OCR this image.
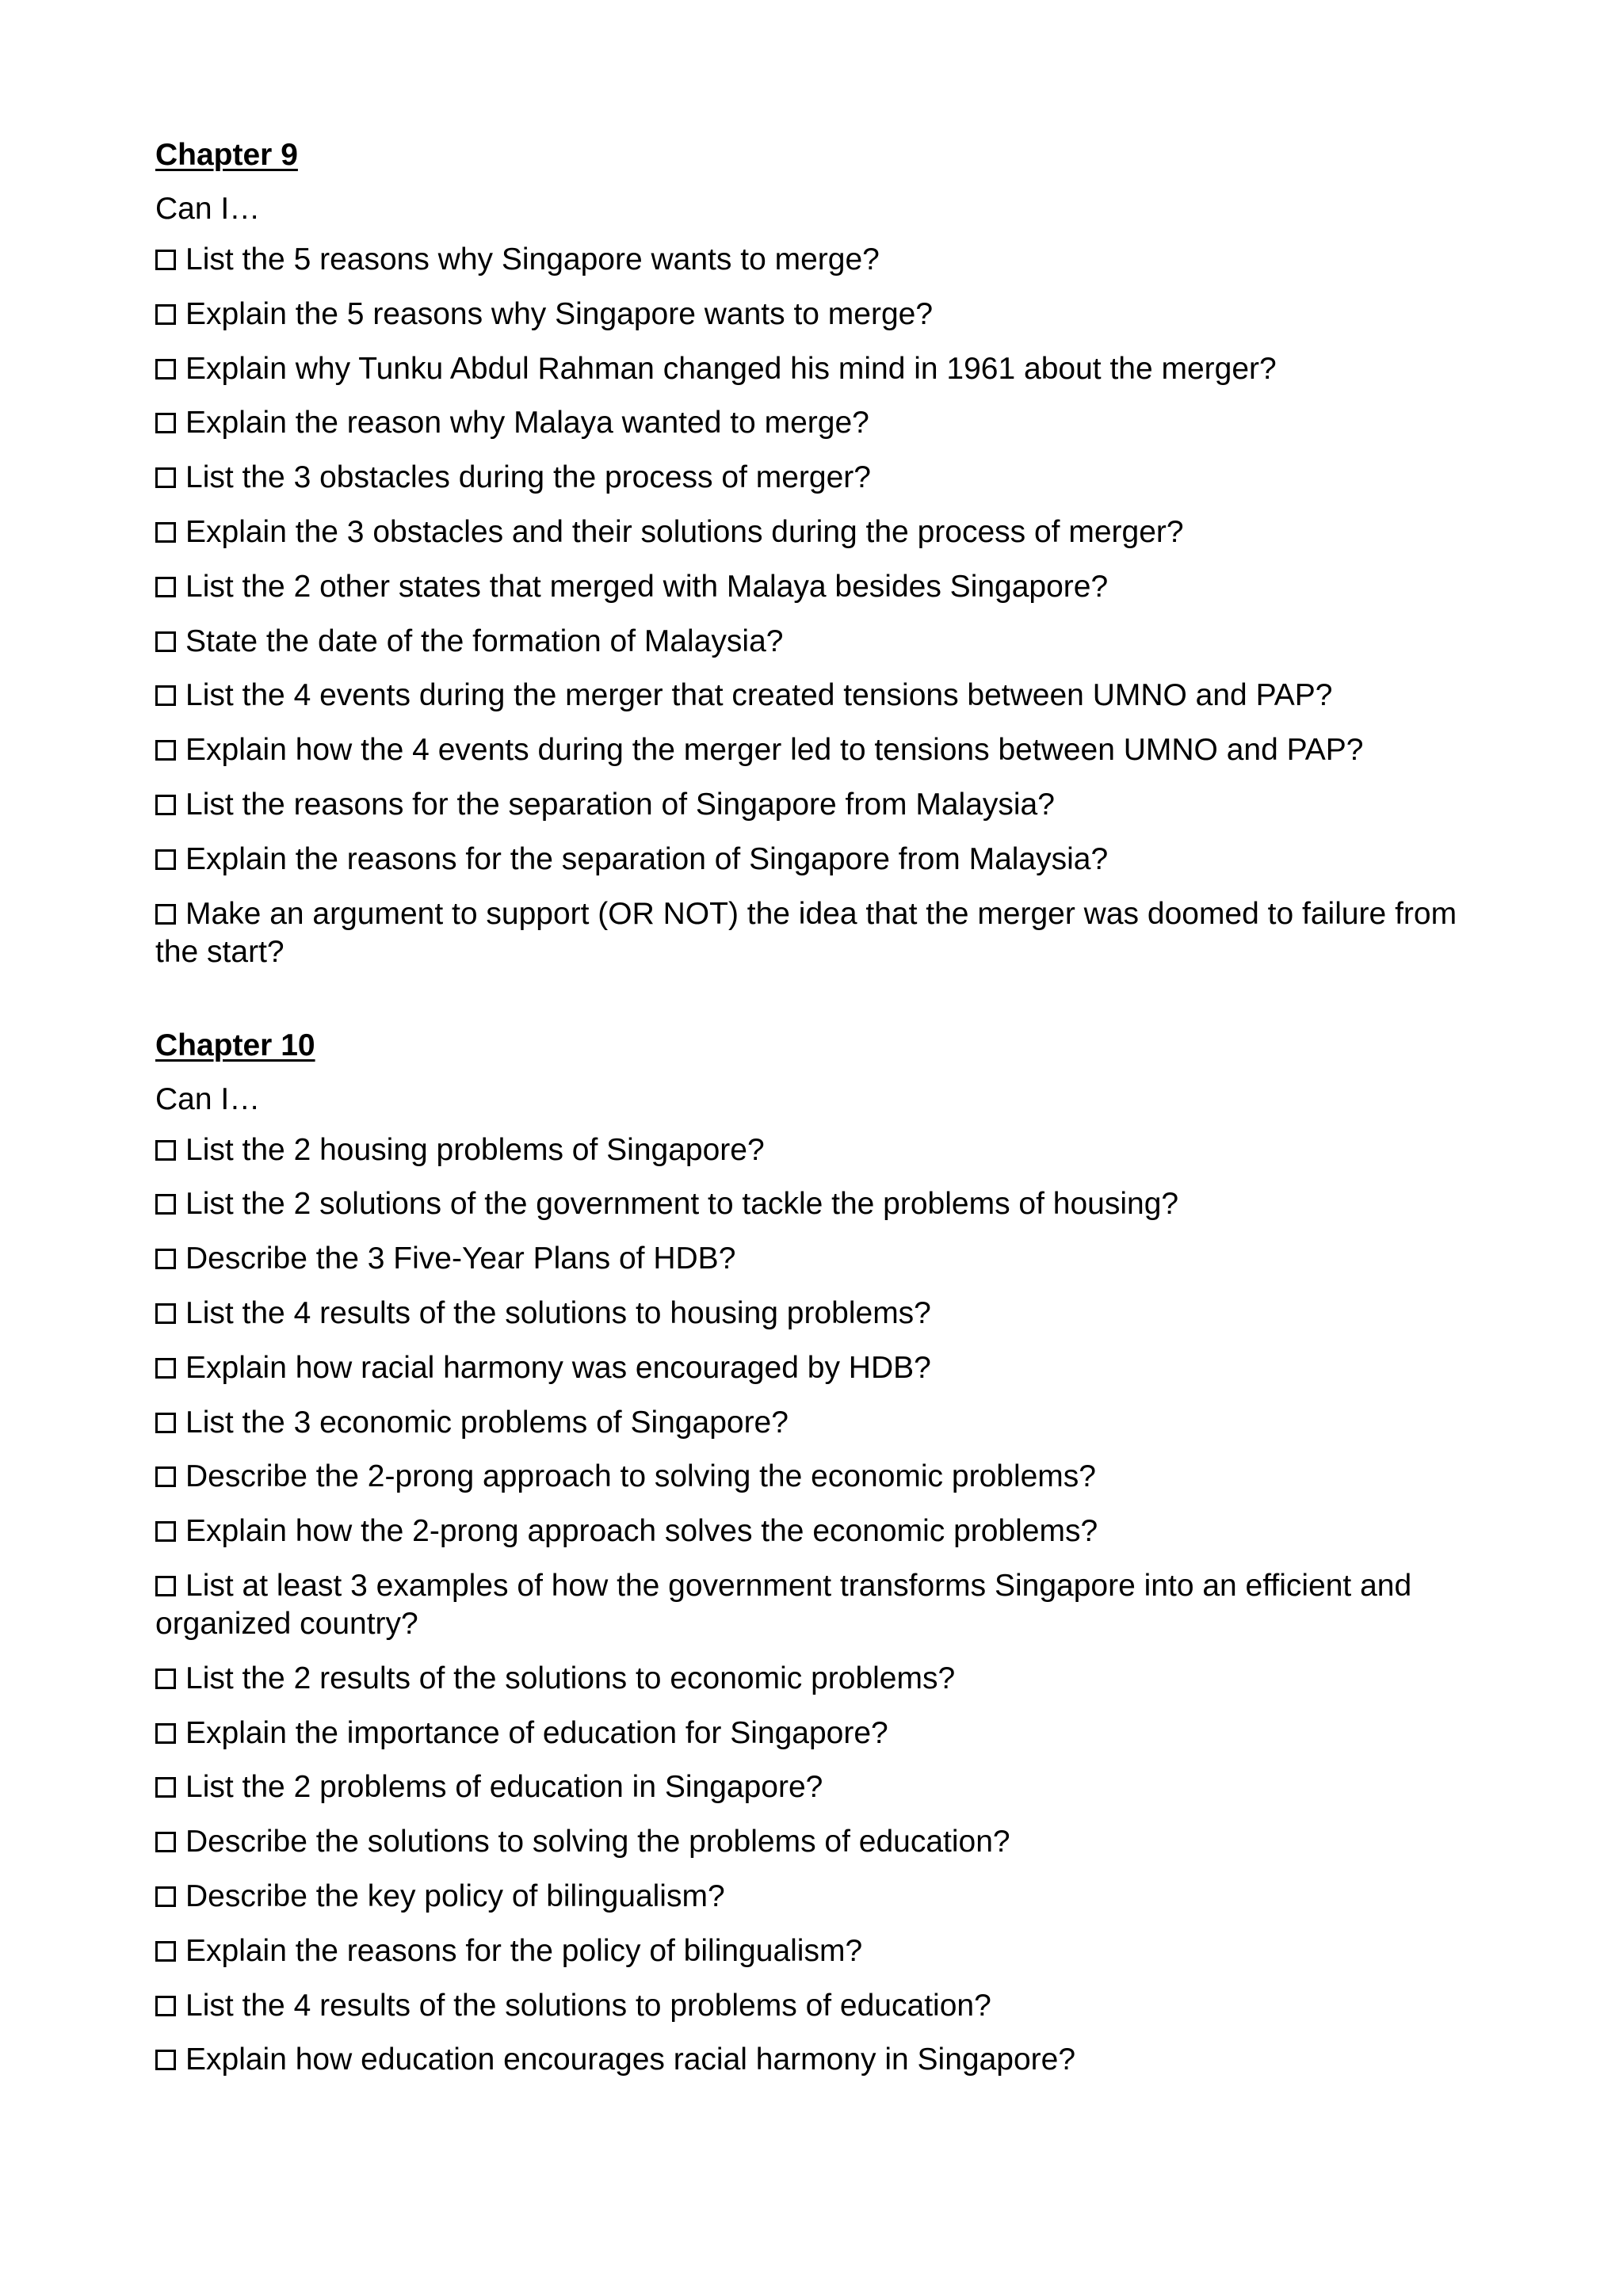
Chapter 9
Can I…
List the 5 reasons why Singapore wants to merge?
Explain the 5 reasons why Singapore wants to merge?
Explain why Tunku Abdul Rahman changed his mind in 1961 about the merger?
Explain the reason why Malaya wanted to merge?
List the 3 obstacles during the process of merger?
Explain the 3 obstacles and their solutions during the process of merger?
List the 2 other states that merged with Malaya besides Singapore?
State the date of the formation of Malaysia?
List the 4 events during the merger that created tensions between UMNO and PAP?
Explain how the 4 events during the merger led to tensions between UMNO and PAP?
List the reasons for the separation of Singapore from Malaysia?
Explain the reasons for the separation of Singapore from Malaysia?
Make an argument to support (OR NOT) the idea that the merger was doomed to failure from the start?
Chapter 10
Can I…
List the 2 housing problems of Singapore?
List the 2 solutions of the government to tackle the problems of housing?
Describe the 3 Five-Year Plans of HDB?
List the 4 results of the solutions to housing problems?
Explain how racial harmony was encouraged by HDB?
List the 3 economic problems of Singapore?
Describe the 2-prong approach to solving the economic problems?
Explain how the 2-prong approach solves the economic problems?
List at least 3 examples of how the government transforms Singapore into an efficient and organized country?
List the 2 results of the solutions to economic problems?
Explain the importance of education for Singapore?
List the 2 problems of education in Singapore?
Describe the solutions to solving the problems of education?
Describe the key policy of bilingualism?
Explain the reasons for the policy of bilingualism?
List the 4 results of the solutions to problems of education?
Explain how education encourages racial harmony in Singapore?
